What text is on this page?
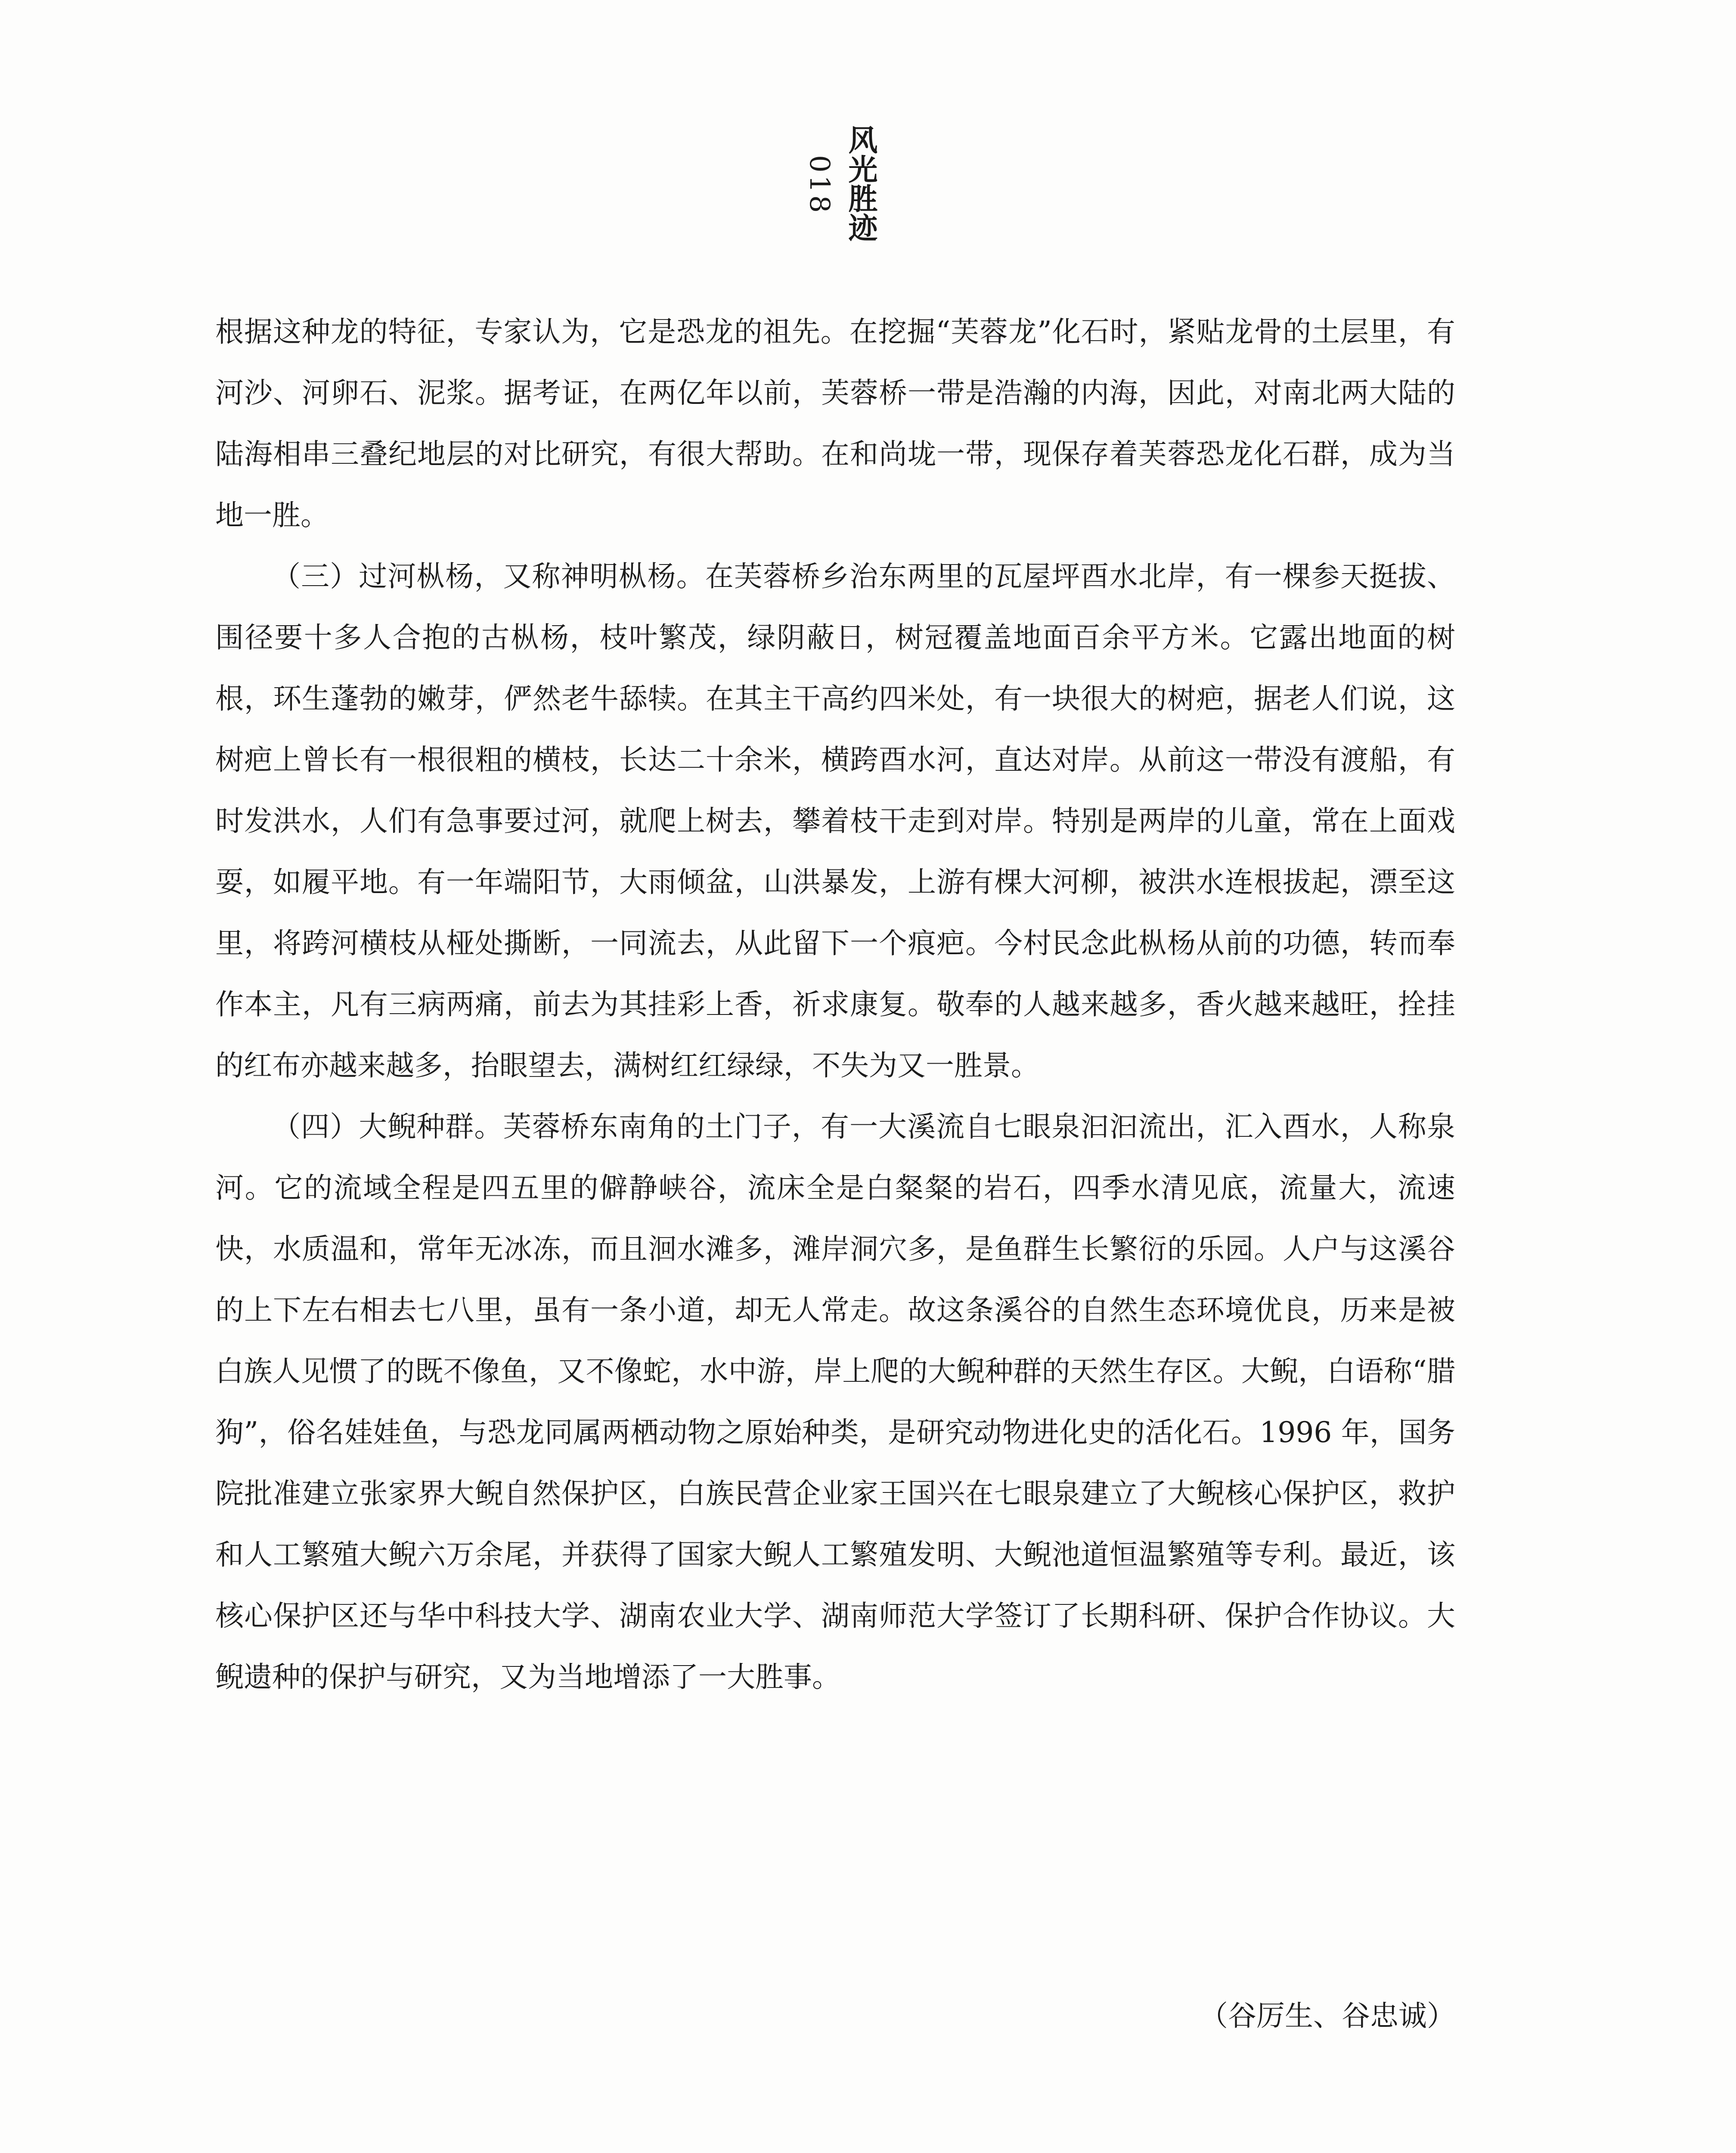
风光胜迹
018

根据这种龙的特征，专家认为，它是恐龙的祖先。在挖掘“芙蓉龙”化石时，紧贴龙骨的土层里，有河沙、河卵石、泥浆。据考证，在两亿年以前，芙蓉桥一带是浩瀚的内海，因此，对南北两大陆的陆海相串三叠纪地层的对比研究，有很大帮助。在和尚垅一带，现保存着芙蓉恐龙化石群，成为当地一胜。

（三）过河枞杨，又称神明枞杨。在芙蓉桥乡治东两里的瓦屋坪酉水北岸，有一棵参天挺拔、围径要十多人合抱的古枞杨，枝叶繁茂，绿阴蔽日，树冠覆盖地面百余平方米。它露出地面的树根，环生蓬勃的嫩芽，俨然老牛舔犊。在其主干高约四米处，有一块很大的树疤，据老人们说，这树疤上曾长有一根很粗的横枝，长达二十余米，横跨酉水河，直达对岸。从前这一带没有渡船，有时发洪水，人们有急事要过河，就爬上树去，攀着枝干走到对岸。特别是两岸的儿童，常在上面戏耍，如履平地。有一年端阳节，大雨倾盆，山洪暴发，上游有棵大河柳，被洪水连根拔起，漂至这里，将跨河横枝从桠处撕断，一同流去，从此留下一个痕疤。今村民念此枞杨从前的功德，转而奉作本主，凡有三病两痛，前去为其挂彩上香，祈求康复。敬奉的人越来越多，香火越来越旺，拴挂的红布亦越来越多，抬眼望去，满树红红绿绿，不失为又一胜景。

（四）大鲵种群。芙蓉桥东南角的土门子，有一大溪流自七眼泉汩汩流出，汇入酉水，人称泉河。它的流域全程是四五里的僻静峡谷，流床全是白粲粲的岩石，四季水清见底，流量大，流速快，水质温和，常年无冰冻，而且洄水滩多，滩岸洞穴多，是鱼群生长繁衍的乐园。人户与这溪谷的上下左右相去七八里，虽有一条小道，却无人常走。故这条溪谷的自然生态环境优良，历来是被白族人见惯了的既不像鱼，又不像蛇，水中游，岸上爬的大鲵种群的天然生存区。大鲵，白语称“腊狗”，俗名娃娃鱼，与恐龙同属两栖动物之原始种类，是研究动物进化史的活化石。1996 年，国务院批准建立张家界大鲵自然保护区，白族民营企业家王国兴在七眼泉建立了大鲵核心保护区，救护和人工繁殖大鲵六万余尾，并获得了国家大鲵人工繁殖发明、大鲵池道恒温繁殖等专利。最近，该核心保护区还与华中科技大学、湖南农业大学、湖南师范大学签订了长期科研、保护合作协议。大鲵遗种的保护与研究，又为当地增添了一大胜事。

（谷厉生、谷忠诚）
